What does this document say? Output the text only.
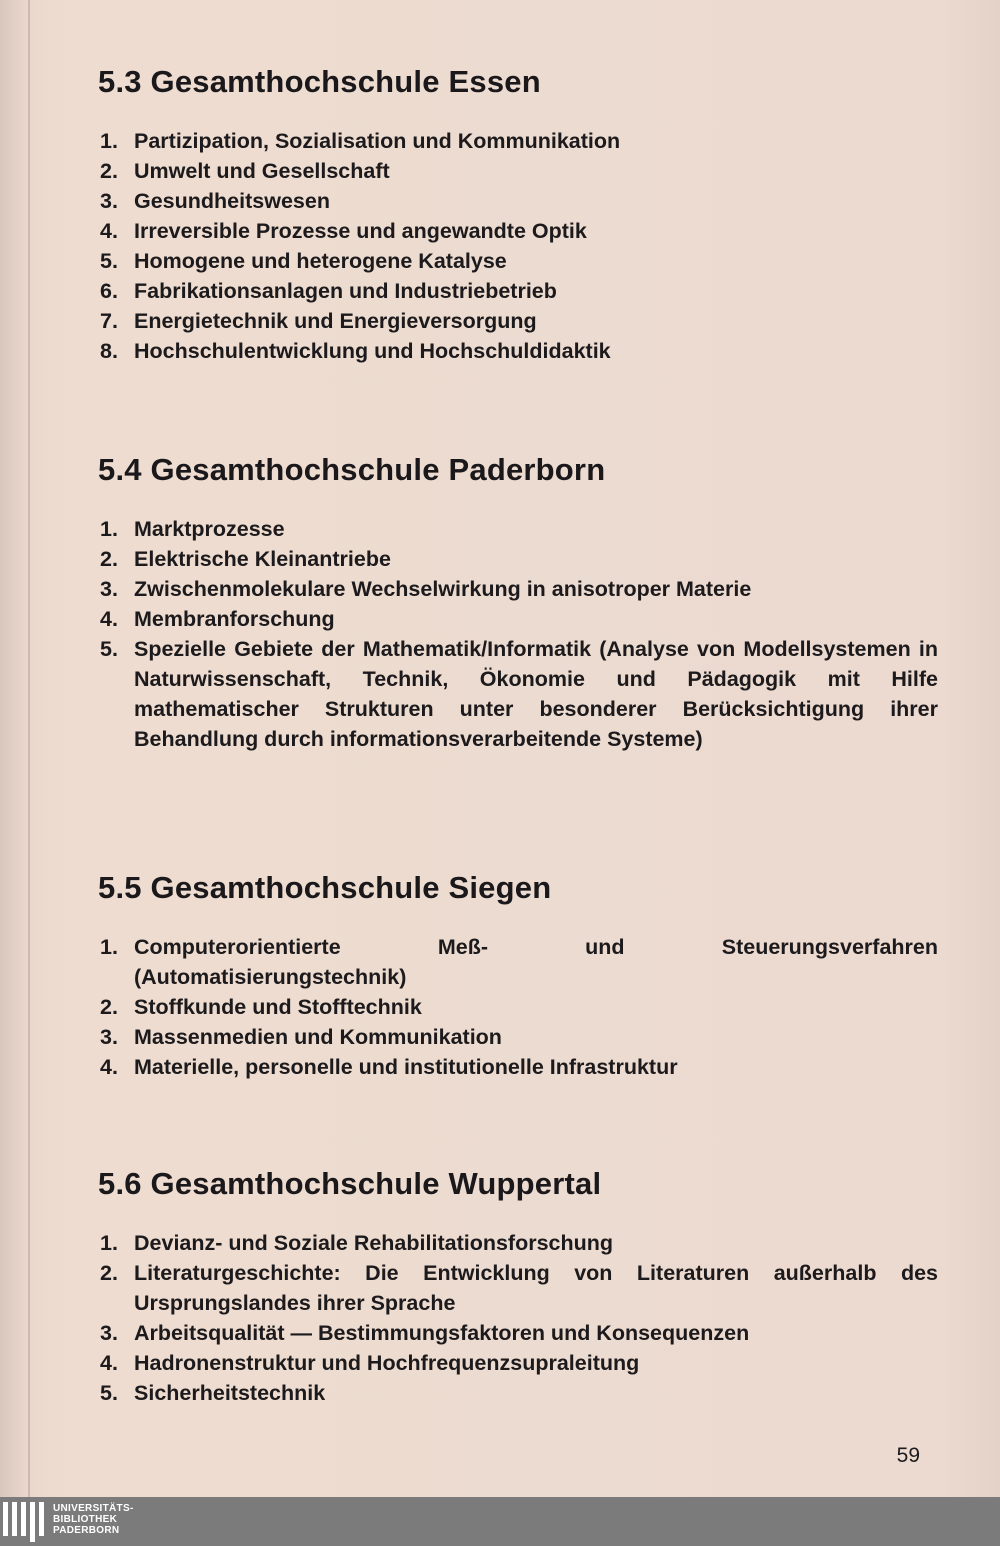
5.3 Gesamthochschule Essen
1. Partizipation, Sozialisation und Kommunikation
2. Umwelt und Gesellschaft
3. Gesundheitswesen
4. Irreversible Prozesse und angewandte Optik
5. Homogene und heterogene Katalyse
6. Fabrikationsanlagen und Industriebetrieb
7. Energietechnik und Energieversorgung
8. Hochschulentwicklung und Hochschuldidaktik
5.4 Gesamthochschule Paderborn
1. Marktprozesse
2. Elektrische Kleinantriebe
3. Zwischenmolekulare Wechselwirkung in anisotroper Materie
4. Membranforschung
5. Spezielle Gebiete der Mathematik/Informatik (Analyse von Modellsystemen in Naturwissenschaft, Technik, Ökonomie und Pädagogik mit Hilfe mathematischer Strukturen unter besonderer Berücksichtigung ihrer Behandlung durch informationsverarbeitende Systeme)
5.5 Gesamthochschule Siegen
1. Computerorientierte Meß- und Steuerungsverfahren (Automatisierungstechnik)
2. Stoffkunde und Stofftechnik
3. Massenmedien und Kommunikation
4. Materielle, personelle und institutionelle Infrastruktur
5.6 Gesamthochschule Wuppertal
1. Devianz- und Soziale Rehabilitationsforschung
2. Literaturgeschichte: Die Entwicklung von Literaturen außerhalb des Ursprungslandes ihrer Sprache
3. Arbeitsqualität — Bestimmungsfaktoren und Konsequenzen
4. Hadronenstruktur und Hochfrequenzsupraleitung
5. Sicherheitstechnik
59
UNIVERSITÄTS-
BIBLIOTHEK
PADERBORN
